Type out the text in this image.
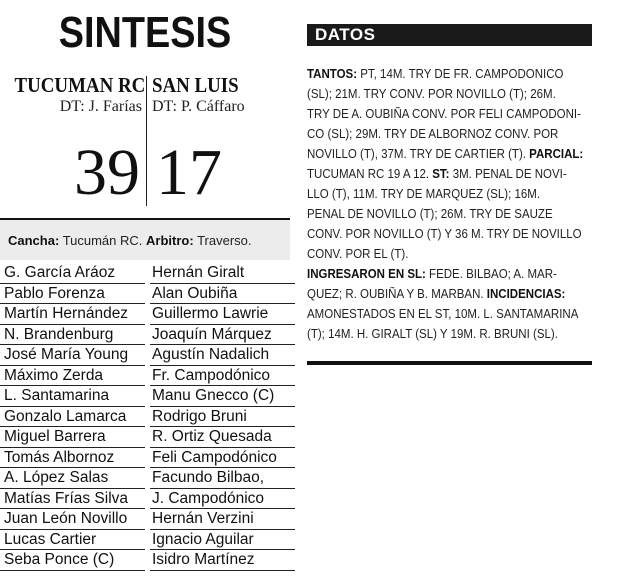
SINTESIS
TUCUMAN RC
DT: J. Farías
SAN LUIS
DT: P. Cáffaro
39 17
Cancha: Tucumán RC. Arbitro: Traverso.
G. García Aráoz
Pablo Forenza
Martín Hernández
N. Brandenburg
José María Young
Máximo Zerda
L. Santamarina
Gonzalo Lamarca
Miguel Barrera
Tomás Albornoz
A. López Salas
Matías Frías Silva
Juan León Novillo
Lucas Cartier
Seba Ponce (C)
Hernán Giralt
Alan Oubiña
Guillermo Lawrie
Joaquín Márquez
Agustín Nadalich
Fr. Campodónico
Manu Gnecco (C)
Rodrigo Bruni
R. Ortiz Quesada
Feli Campodónico
Facundo Bilbao,
J. Campodónico
Hernán Verzini
Ignacio Aguilar
Isidro Martínez
DATOS
TANTOS: PT, 14M. TRY DE FR. CAMPODONICO
(SL); 21M. TRY CONV. POR NOVILLO (T); 26M.
TRY DE A. OUBIÑA CONV. POR FELI CAMPODONI-
CO (SL); 29M. TRY DE ALBORNOZ CONV. POR
NOVILLO (T), 37M. TRY DE CARTIER (T). PARCIAL:
TUCUMAN RC 19 A 12. ST: 3M. PENAL DE NOVI-
LLO (T), 11M. TRY DE MARQUEZ (SL); 16M.
PENAL DE NOVILLO (T); 26M. TRY DE SAUZE
CONV. POR NOVILLO (T) Y 36 M. TRY DE NOVILLO
CONV. POR EL (T).
INGRESARON EN SL: FEDE. BILBAO; A. MAR-
QUEZ; R. OUBIÑA Y B. MARBAN. INCIDENCIAS:
AMONESTADOS EN EL ST, 10M. L. SANTAMARINA
(T); 14M. H. GIRALT (SL) Y 19M. R. BRUNI (SL).
